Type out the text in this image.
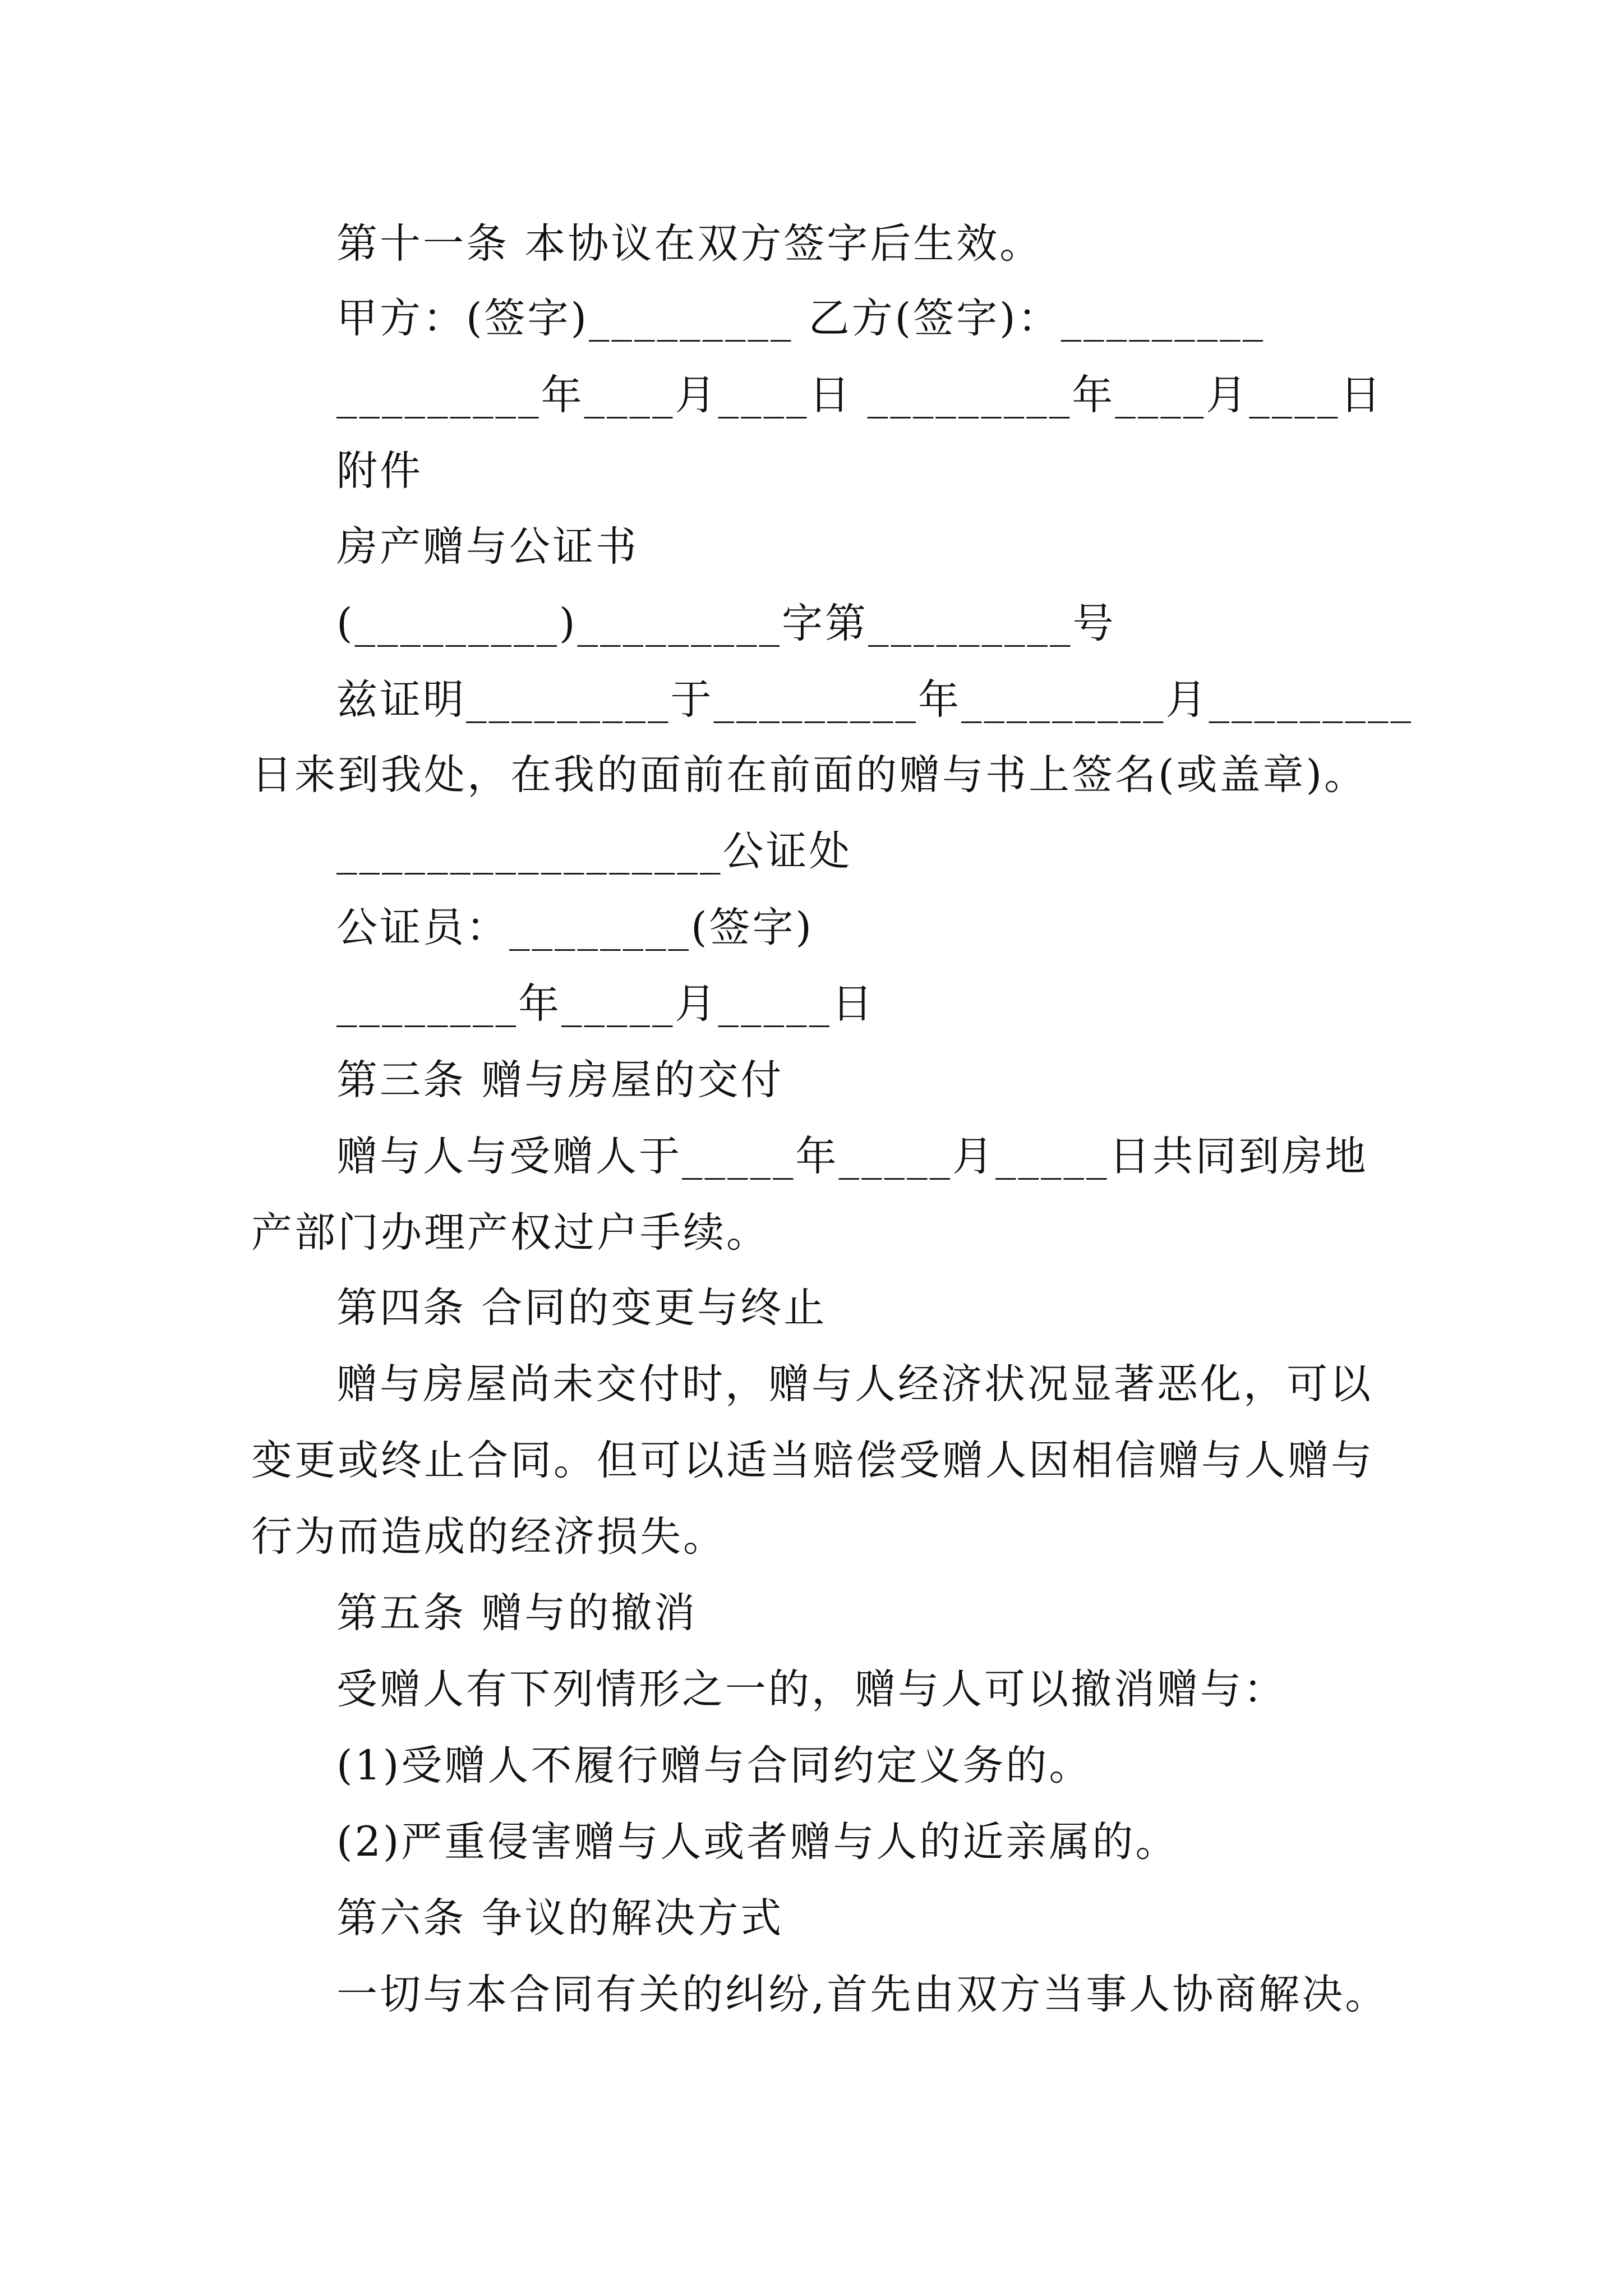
第十一条 本协议在双方签字后生效。
甲方：(签字)_________ 乙方(签字)：_________
_________年____月____日 _________年____月____日
附件
房产赠与公证书
(_________)_________字第_________号
兹证明_________于_________年_________月_________
日来到我处，在我的面前在前面的赠与书上签名(或盖章)。
_________________公证处
公证员：________(签字)
________年_____月_____日
第三条 赠与房屋的交付
赠与人与受赠人于_____年_____月_____日共同到房地
产部门办理产权过户手续。
第四条 合同的变更与终止
赠与房屋尚未交付时，赠与人经济状况显著恶化，可以
变更或终止合同。但可以适当赔偿受赠人因相信赠与人赠与
行为而造成的经济损失。
第五条 赠与的撤消
受赠人有下列情形之一的，赠与人可以撤消赠与：
(1)受赠人不履行赠与合同约定义务的。
(2)严重侵害赠与人或者赠与人的近亲属的。
第六条 争议的解决方式
一切与本合同有关的纠纷,首先由双方当事人协商解决。
